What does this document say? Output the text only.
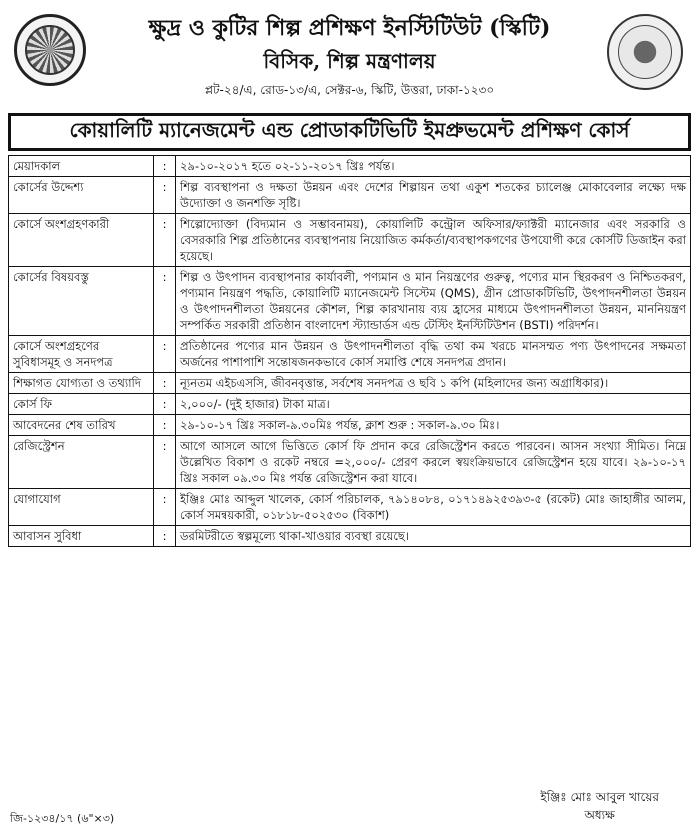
ক্ষুদ্র ও কুটির শিল্প প্রশিক্ষণ ইনস্টিটিউট (স্কিটি)
বিসিক, শিল্প মন্ত্রণালয়
প্লট-২৪/এ, রোড-১৩/এ, সেক্টর-৬, স্কিটি, উত্তরা, ঢাকা-১২৩০
কোয়ালিটি ম্যানেজমেন্ট এন্ড প্রোডাকটিভিটি ইমপ্রুভমেন্ট প্রশিক্ষণ কোর্স
মেয়াদকাল	:	২৯-১০-২০১৭ হতে ০২-১১-২০১৭ খ্রিঃ পর্যন্ত।
কোর্সের উদ্দেশ্য	:	শিল্প ব্যবস্থাপনা ও দক্ষতা উন্নয়ন এবং দেশের শিল্পায়ন তথা একুশ শতকের চ্যালেঞ্জ মোকাবেলার লক্ষ্যে দক্ষ উদ্যোক্তা ও জনশক্তি সৃষ্টি।
কোর্সে অংশগ্রহণকারী	:	শিল্পোদ্যোক্তা (বিদ্যমান ও সম্ভাবনাময়), কোয়ালিটি কন্ট্রোল অফিসার/ফ্যাক্টরী ম্যানেজার এবং সরকারি ও বেসরকারি শিল্প প্রতিষ্ঠানের ব্যবস্থাপনায় নিয়োজিত কর্মকর্তা/ব্যবস্থাপকগণের উপযোগী করে কোর্সটি ডিজাইন করা হয়েছে।
কোর্সের বিষয়বস্তু	:	শিল্প ও উৎপাদন ব্যবস্থাপনার কার্যাবলী, পণ্যমান ও মান নিয়ন্ত্রণের গুরুত্ব, পণ্যের মান স্থিরকরণ ও নিশ্চিতকরণ, পণ্যমান নিয়ন্ত্রণ পদ্ধতি, কোয়ালিটি ম্যানেজমেন্ট সিস্টেম (QMS), গ্রীন প্রোডাকটিভিটি, উৎপাদনশীলতা উন্নয়ন ও উৎপাদনশীলতা উন্নয়নের কৌশল, শিল্প কারখানায় ব্যয় হ্রাসের মাধ্যমে উৎপাদনশীলতা উন্নয়ন, মাননিয়ন্ত্রণ সম্পর্কিত সরকারী প্রতিষ্ঠান বাংলাদেশ স্ট্যান্ডার্ডস এন্ড টেস্টিং ইনস্টিটিউশন (BSTI) পরিদর্শন।
কোর্সে অংশগ্রহণের সুবিধাসমূহ ও সনদপত্র	:	প্রতিষ্ঠানের পণ্যের মান উন্নয়ন ও উৎপাদনশীলতা বৃদ্ধি তথা কম খরচে মানসম্মত পণ্য উৎপাদনের সক্ষমতা অর্জনের পাশাপাশি সন্তোষজনকভাবে কোর্স সমাপ্তি শেষে সনদপত্র প্রদান।
শিক্ষাগত যোগ্যতা ও তথ্যাদি	:	ন্যূনতম এইচএসসি, জীবনবৃত্তান্ত, সর্বশেষ সনদপত্র ও ছবি ১ কপি (মহিলাদের জন্য অগ্রাধিকার)।
কোর্স ফি	:	২,০০০/- (দুই হাজার) টাকা মাত্র।
আবেদনের শেষ তারিখ	:	২৯-১০-১৭ খ্রিঃ সকাল-৯.৩০মিঃ পর্যন্ত, ক্লাশ শুরু : সকাল-৯.৩০ মিঃ।
রেজিস্ট্রেশন	:	আগে আসলে আগে ভিত্তিতে কোর্স ফি প্রদান করে রেজিস্ট্রেশন করতে পারবেন। আসন সংখ্যা সীমিত। নিম্নে উল্লেখিত বিকাশ ও রকেট নম্বরে =২,০০০/- প্রেরণ করলে স্বয়ংক্রিয়ভাবে রেজিস্ট্রেশন হয়ে যাবে। ২৯-১০-১৭ খ্রিঃ সকাল ০৯.৩০ মিঃ পর্যন্ত রেজিস্ট্রেশন করা যাবে।
যোগাযোগ	:	ইঞ্জিঃ মোঃ আব্দুল খালেক, কোর্স পরিচালক, ৭৯১৪০৮৪, ০১৭১৪৯২৫৩৯৩-৫ (রকেট) মোঃ জাহাঙ্গীর আলম, কোর্স সমন্বয়কারী, ০১৮১৮-৫০২৫৩০ (বিকাশ)
আবাসন সুবিধা	:	ডরমিটরীতে স্বল্পমূল্যে থাকা-খাওয়ার ব্যবস্থা রয়েছে।
ইঞ্জিঃ মোঃ আবুল খায়ের
অধ্যক্ষ
জি-১২৩৪/১৭ (৬"×৩)
